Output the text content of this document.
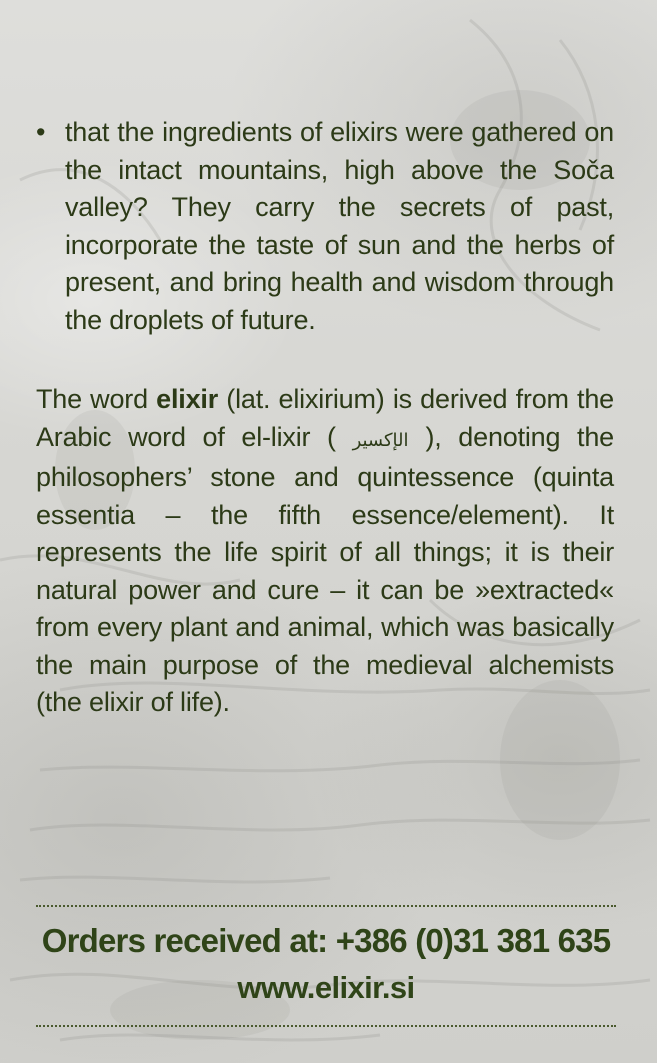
• that the ingredients of elixirs were gathered on the intact mountains, high above the Soča valley? They carry the secrets of past, incorporate the taste of sun and the herbs of present, and bring health and wisdom through the droplets of future.
The word elixir (lat. elixirium) is derived from the Arabic word of el-lixir ( الإكسير ), denoting the philosophers’ stone and quintessence (quinta essentia – the fifth essence/element). It represents the life spirit of all things; it is their natural power and cure – it can be »extracted« from every plant and animal, which was basically the main purpose of the medieval alchemists (the elixir of life).
Orders received at: +386 (0)31 381 635
www.elixir.si
